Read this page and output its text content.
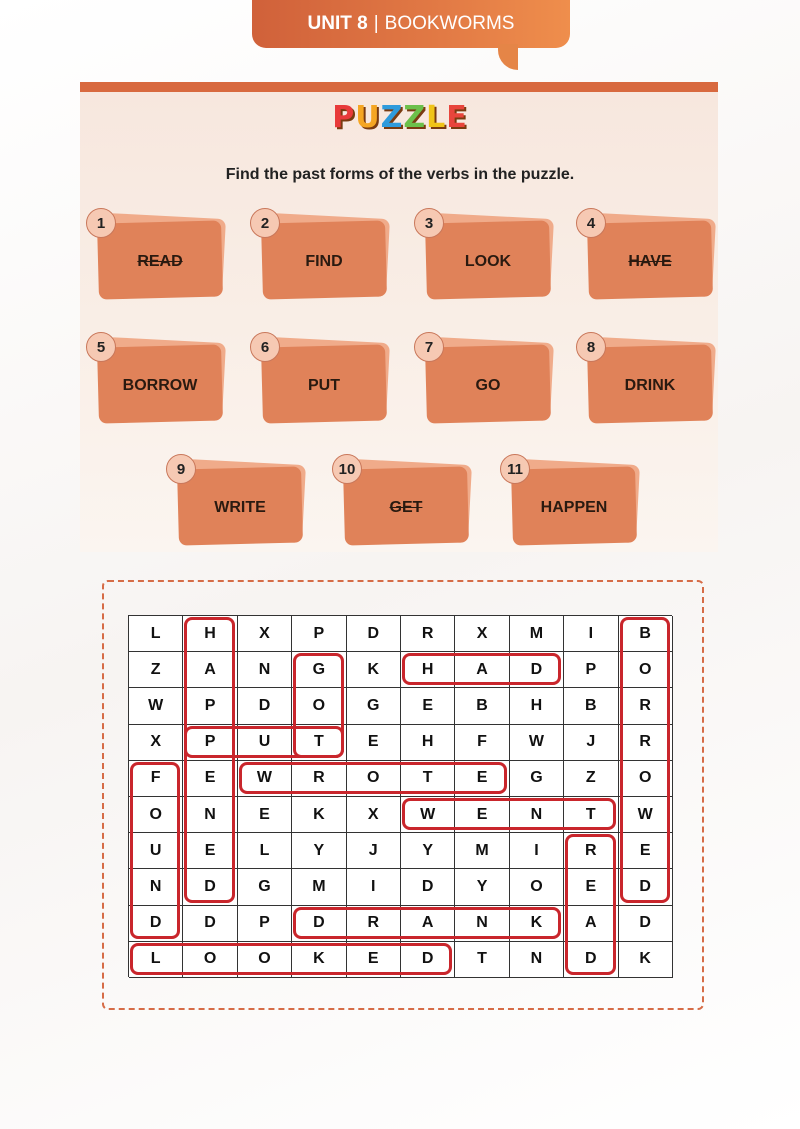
UNIT 8 | BOOKWORMS
PUZZLE
Find the past forms of the verbs in the puzzle.
1
READ
2
FIND
3
LOOK
4
HAVE
5
BORROW
6
PUT
7
GO
8
DRINK
9
WRITE
10
GET
11
HAPPEN
L	H	X	P	D	R	X	M	I	B
Z	A	N	G	K	H	A	D	P	O
W	P	D	O	G	E	B	H	B	R
X	P	U	T	E	H	F	W	J	R
F	E	W	R	O	T	E	G	Z	O
O	N	E	K	X	W	E	N	T	W
U	E	L	Y	J	Y	M	I	R	E
N	D	G	M	I	D	Y	O	E	D
D	D	P	D	R	A	N	K	A	D
L	O	O	K	E	D	T	N	D	K
